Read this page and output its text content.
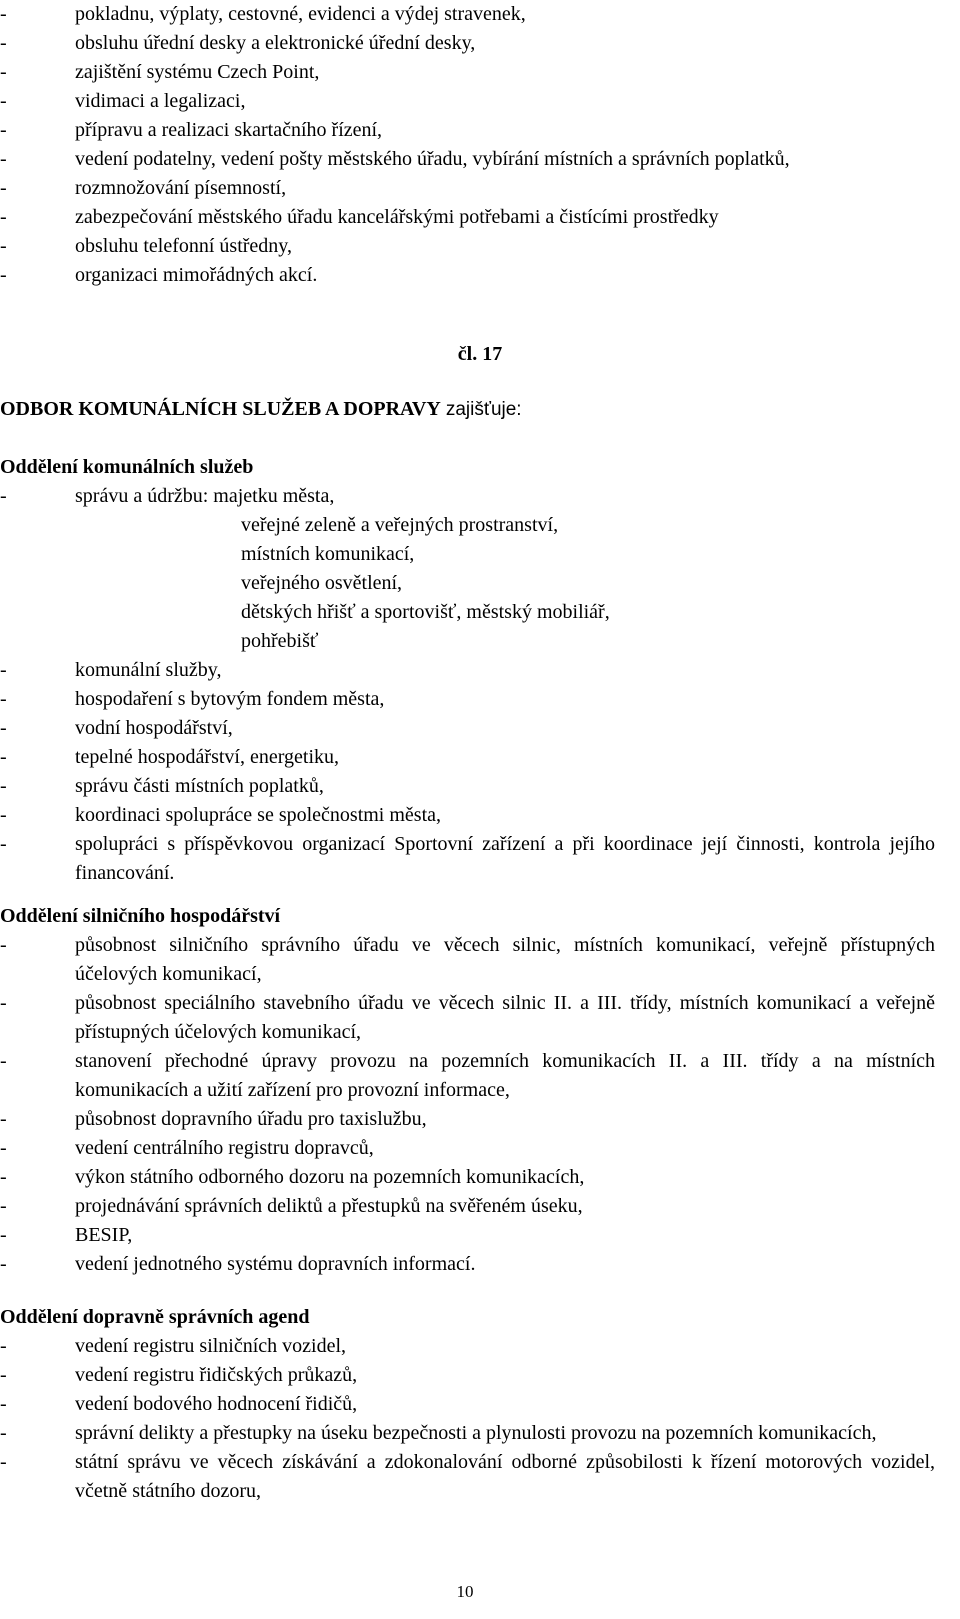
-	pokladnu, výplaty, cestovné, evidenci a výdej stravenek,
-	obsluhu úřední desky a elektronické úřední desky,
-	zajištění systému Czech Point,
-	vidimaci a legalizaci,
-	přípravu a realizaci skartačního řízení,
-	vedení podatelny, vedení pošty městského úřadu, vybírání místních a správních poplatků,
-	rozmnožování písemností,
-	zabezpečování městského úřadu kancelářskými potřebami a čistícími prostředky
-	obsluhu telefonní ústředny,
-	organizaci mimořádných akcí.
čl. 17
ODBOR KOMUNÁLNÍCH SLUŽEB A DOPRAVY zajišťuje:
Oddělení komunálních služeb
-	správu a údržbu: majetku města,
veřejné zeleně a veřejných prostranství,
místních komunikací,
veřejného osvětlení,
dětských hřišť a sportovišť, městský mobiliář,
pohřebišť
-	komunální služby,
-	hospodaření s bytovým fondem města,
-	vodní hospodářství,
-	tepelné hospodářství, energetiku,
-	správu části místních poplatků,
-	koordinaci spolupráce se společnostmi města,
-	spolupráci s příspěvkovou organizací Sportovní zařízení a při koordinace její činnosti, kontrola jejího financování.
Oddělení silničního hospodářství
-	působnost silničního správního úřadu ve věcech silnic, místních komunikací, veřejně přístupných účelových komunikací,
-	působnost speciálního stavebního úřadu ve věcech silnic II. a III. třídy, místních komunikací a veřejně přístupných účelových komunikací,
-	stanovení přechodné úpravy provozu na pozemních komunikacích II. a III. třídy a na místních komunikacích a užití zařízení pro provozní informace,
-	působnost dopravního úřadu pro taxislužbu,
-	vedení centrálního registru dopravců,
-	výkon státního odborného dozoru na pozemních komunikacích,
-	projednávání správních deliktů a přestupků na svěřeném úseku,
-	BESIP,
-	vedení jednotného systému dopravních informací.
Oddělení dopravně správních agend
-	vedení registru silničních vozidel,
-	vedení registru řidičských průkazů,
-	vedení bodového hodnocení řidičů,
-	správní delikty a přestupky na úseku bezpečnosti a plynulosti provozu na pozemních komunikacích,
-	státní správu ve věcech získávání a zdokonalování odborné způsobilosti k řízení motorových vozidel, včetně státního dozoru,
10
